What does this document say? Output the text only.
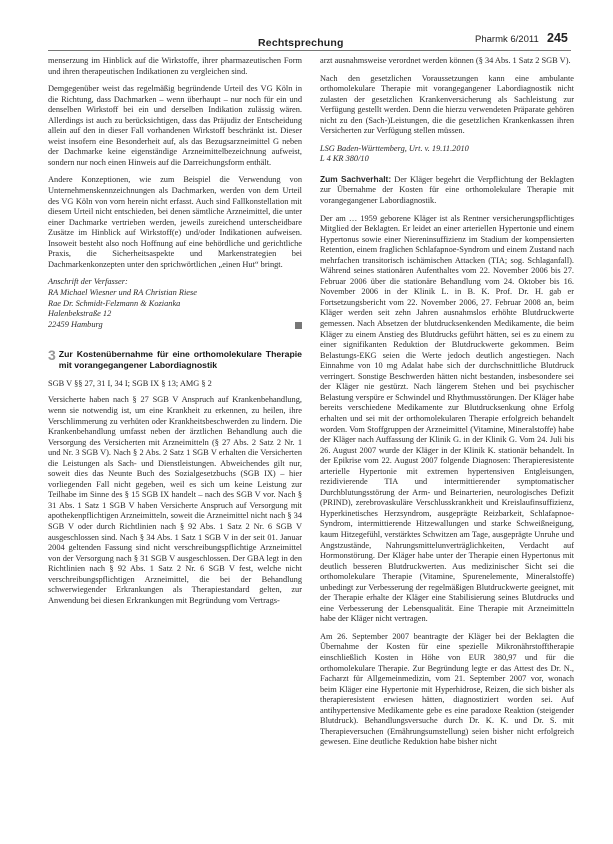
Rechtsprechung	Pharmk 6/2011 245

menserzung im Hinblick auf die Wirkstoffe, ihrer pharmazeutischen Form und ihren therapeutischen Indikationen zu vergleichen sind.

Demgegenüber weist das regelmäßig begründende Urteil des VG Köln in die Richtung, dass Dachmarken – wenn überhaupt – nur noch für ein und denselben Wirkstoff bei ein und derselben Indikation zulässig wären. Allerdings ist auch zu berücksichtigen, dass das Präjudiz der Entscheidung allein auf den in dieser Fall vorhandenen Wirkstoff beschränkt ist. Dieser weist insofern eine Besonderheit auf, als das Bezugsarzneimittel G neben der Dachmarke keine eigenständige Arzneimittelbezeichnung aufweist, sondern nur noch einen Hinweis auf die Darreichungsform enthält.

Andere Konzeptionen, wie zum Beispiel die Verwendung von Unternehmenskennzeichnungen als Dachmarken, werden von dem Urteil des VG Köln von vorn herein nicht erfasst. Auch sind Fallkonstellation mit diesem Urteil nicht entschieden, bei denen sämtliche Arzneimittel, die unter einer Dachmarke vertrieben werden, jeweils zureichend unterscheidbare Zusätze im Hinblick auf Wirkstoff(e) und/oder Indikationen aufweisen. Insoweit besteht also noch Hoffnung auf eine behördliche und gerichtliche Praxis, die Sicherheitsaspekte und Markenstrategien bei Dachmarkenkonzepten unter den sprichwörtlichen „einen Hut“ bringt.

Anschrift der Verfasser:
RA Michael Wiesner und RA Christian Riese
Rae Dr. Schmidt-Felzmann & Kozianka
Halenbekstraße 12
22459 Hamburg
3 Zur Kostenübernahme für eine orthomolekulare Therapie mit vorangegangener Labordiagnostik
SGB V §§ 27, 31 I, 34 I; SGB IX § 13; AMG § 2

Versicherte haben nach § 27 SGB V Anspruch auf Krankenbehandlung, wenn sie notwendig ist, um eine Krankheit zu erkennen, zu heilen, ihre Verschlimmerung zu verhüten oder Krankheitsbeschwerden zu lindern. Die Krankenbehandlung umfasst neben der ärztlichen Behandlung auch die Versorgung des Versicherten mit Arzneimitteln (§ 27 Abs. 2 Satz 2 Nr. 1 und Nr. 3 SGB V). Nach § 2 Abs. 2 Satz 1 SGB V erhalten die Versicherten die Leistungen als Sach- und Dienstleistungen. Abweichendes gilt nur, soweit dies das Neunte Buch des Sozialgesetzbuchs (SGB IX) – hier vorliegenden Fall nicht gegeben, weil es sich um keine Leistung zur Teilhabe im Sinne des § 15 SGB IX handelt – nach des SGB V vor. Nach § 31 Abs. 1 Satz 1 SGB V haben Versicherte Anspruch auf Versorgung mit apothekenpflichtigen Arzneimitteln, soweit die Arzneimittel nicht nach § 34 SGB V oder durch Richtlinien nach § 92 Abs. 1 Satz 2 Nr. 6 SGB V ausgeschlossen sind. Nach § 34 Abs. 1 Satz 1 SGB V in der seit 01. Januar 2004 geltenden Fassung sind nicht verschreibungspflichtige Arzneimittel von der Versorgung nach § 31 SGB V ausgeschlossen. Der GBA legt in den Richtlinien nach § 92 Abs. 1 Satz 2 Nr. 6 SGB V fest, welche nicht verschreibungspflichtigen Arzneimittel, die bei der Behandlung schwerwiegender Erkrankungen als Therapiestandard gelten, zur Anwendung bei diesen Erkrankungen mit Begründung vom Vertrags-

arzt ausnahmsweise verordnet werden können (§ 34 Abs. 1 Satz 2 SGB V).

Nach den gesetzlichen Voraussetzungen kann eine ambulante orthomolekulare Therapie mit vorangegangener Labordiagnostik nicht zulasten der gesetzlichen Krankenversicherung als Sachleistung zur Verfügung gestellt werden. Denn die hierzu verwendeten Präparate gehören nicht zu den (Sach-)Leistungen, die die gesetzlichen Krankenkassen ihren Versicherten zur Verfügung stellen müssen.

LSG Baden-Württemberg, Urt. v. 19.11.2010
L 4 KR 380/10

Zum Sachverhalt: Der Kläger begehrt die Verpflichtung der Beklagten zur Übernahme der Kosten für eine orthomolekulare Therapie mit vorangegangener Labordiagnostik.

Der am … 1959 geborene Kläger ist als Rentner versicherungspflichtiges Mitglied der Beklagten. Er leidet an einer arteriellen Hypertonie und einem Hypertonus sowie einer Niereninsuffizienz im Stadium der kompensierten Retention, einem fraglichen Schlafapnoe-Syndrom und einem Zustand nach mehrfachen transitorisch ischämischen Attacken (TIA; sog. Schlaganfall). Während seines stationären Aufenthaltes vom 22. November 2006 bis 27. Februar 2006 über die stationäre Behandlung vom 24. Oktober bis 16. November 2006 in der Klinik L. in B. K. Prof. Dr. H. gab er Fortsetzungsbericht vom 22. November 2006, 27. Februar 2008 an, beim Kläger werden seit zehn Jahren ausnahmslos erhöhte Blutdruckwerte gemessen. Nach Absetzen der blutdrucksenkenden Medikamente, die beim Kläger zu einem Anstieg des Blutdrucks geführt hätten, sei es zu einem zu einer signifikanten Reduktion der Blutdruckwerte gekommen. Beim Belastungs-EKG seien die Werte jedoch deutlich angestiegen. Nach Einnahme von 10 mg Adalat habe sich der durchschnittliche Blutdruck verringert. Sonstige Beschwerden hätten nicht bestanden, insbesondere sei der Kläger nie gestürzt. Nach längerem Stehen und bei psychischer Belastung verspüre er Schwindel und Rhythmusstörungen. Der Kläger habe bereits verschiedene Medikamente zur Blutdrucksenkung ohne Erfolg erhalten und sei mit der orthomolekularen Therapie erfolgreich behandelt worden. Vom Stoffgruppen der Arzneimittel (Vitamine, Mineralstoffe) habe der Kläger nach Auffassung der Klinik G. in der Klinik G. Vom 24. Juli bis 26. August 2007 wurde der Kläger in der Klinik K. stationär behandelt. In der Epikrise vom 22. August 2007 folgende Diagnosen: Therapieresistente arterielle Hypertonie mit extremen hypertensiven Entgleisungen, rezidivierende TIA und intermittierender symptomatischer Durchblutungsstörung der Arm- und Beinarterien, neurologisches Defizit (PRIND), zerebrovaskuläre Verschlusskrankheit und Kreislaufinsuffizienz, Hyperkinetisches Herzsyndrom, ausgeprägte Reizbarkeit, Schlafapnoe-Syndrom, intermittierende Hitzewallungen und starke Schweißneigung, kaum Hitzegefühl, verstärktes Schwitzen am Tage, ausgeprägte Unruhe und Angstzustände, Nahrungsmittelunverträglichkeiten, Verdacht auf Hormonstörung. Der Kläger habe unter der Therapie einen Hypertonus mit deutlich besseren Blutdruckwerten. Aus medizinischer Sicht sei die orthomolekulare Therapie (Vitamine, Spurenelemente, Mineralstoffe) unbedingt zur Verbesserung der regelmäßigen Blutdruckwerte geeignet, mit der Therapie erhalte der Kläger eine Stabilisierung seines Blutdrucks und eine Verbesserung der Lebensqualität. Eine Therapie mit Arzneimitteln habe der Kläger nicht vertragen.

Am 26. September 2007 beantragte der Kläger bei der Beklagten die Übernahme der Kosten für eine spezielle Mikronährstofftherapie einschließlich Kosten in Höhe von EUR 380,97 und für die orthomolekulare Therapie. Zur Begründung legte er das Attest des Dr. N., Facharzt für Allgemeinmedizin, vom 21. September 2007 vor, wonach beim Kläger eine Hypertonie mit Hyperhidrose, Reizen, die sich bisher als therapieresistent erwiesen hätten, diagnostiziert worden sei. Auf antihypertensive Medikamente gebe es eine paradoxe Reaktion (steigender Blutdruck). Behandlungsversuche durch Dr. K. K. und Dr. S. mit Therapieversuchen (Ernährungsumstellung) seien bisher nicht erfolgreich gewesen. Eine deutliche Reduktion habe bisher nicht
